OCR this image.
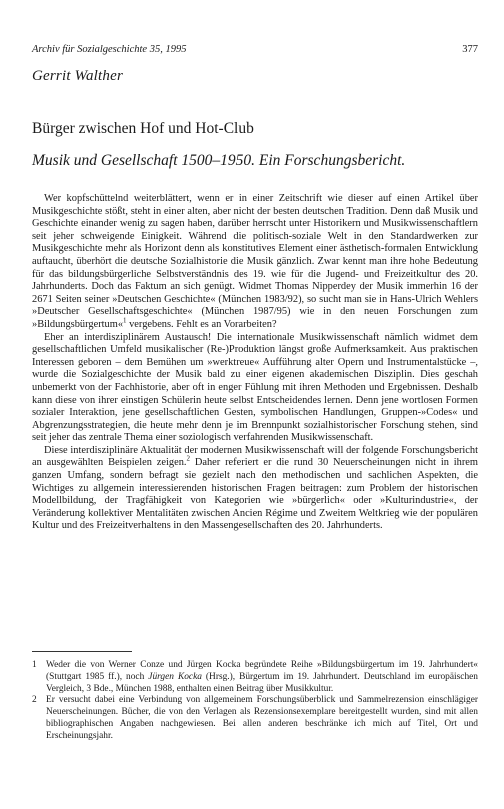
Archiv für Sozialgeschichte 35, 1995	377
Gerrit Walther
Bürger zwischen Hof und Hot-Club
Musik und Gesellschaft 1500–1950. Ein Forschungsbericht.

Wer kopfschüttelnd weiterblättert, wenn er in einer Zeitschrift wie dieser auf einen Artikel über Musikgeschichte stößt, steht in einer alten, aber nicht der besten deutschen Tradition. Denn daß Musik und Geschichte einander wenig zu sagen haben, darüber herrscht unter Historikern und Musikwissenschaftlern seit jeher schweigende Einigkeit. Während die politisch-soziale Welt in den Standardwerken zur Musikgeschichte mehr als Horizont denn als konstitutives Element einer ästhetisch-formalen Entwicklung auftaucht, überhört die deutsche Sozialhistorie die Musik gänzlich. Zwar kennt man ihre hohe Bedeutung für das bildungsbürgerliche Selbstverständnis des 19. wie für die Jugend- und Freizeitkultur des 20. Jahrhunderts. Doch das Faktum an sich genügt. Widmet Thomas Nipperdey der Musik immerhin 16 der 2671 Seiten seiner »Deutschen Geschichte« (München 1983/92), so sucht man sie in Hans-Ulrich Wehlers »Deutscher Gesellschaftsgeschichte« (München 1987/95) wie in den neuen Forschungen zum »Bildungsbürgertum«$^1$ vergebens. Fehlt es an Vorarbeiten?

Eher an interdisziplinärem Austausch! Die internationale Musikwissenschaft nämlich widmet dem gesellschaftlichen Umfeld musikalischer (Re-)Produktion längst große Aufmerksamkeit. Aus praktischen Interessen geboren – dem Bemühen um »werktreue« Aufführung alter Opern und Instrumentalstücke –, wurde die Sozialgeschichte der Musik bald zu einer eigenen akademischen Disziplin. Dies geschah unbemerkt von der Fachhistorie, aber oft in enger Fühlung mit ihren Methoden und Ergebnissen. Deshalb kann diese von ihrer einstigen Schülerin heute selbst Entscheidendes lernen. Denn jene wortlosen Formen sozialer Interaktion, jene gesellschaftlichen Gesten, symbolischen Handlungen, Gruppen-»Codes« und Abgrenzungsstrategien, die heute mehr denn je im Brennpunkt sozialhistorischer Forschung stehen, sind seit jeher das zentrale Thema einer soziologisch verfahrenden Musikwissenschaft.

Diese interdisziplinäre Aktualität der modernen Musikwissenschaft will der folgende Forschungsbericht an ausgewählten Beispielen zeigen.$^2$ Daher referiert er die rund 30 Neuerscheinungen nicht in ihrem ganzen Umfang, sondern befragt sie gezielt nach den methodischen und sachlichen Aspekten, die Wichtiges zu allgemein interessierenden historischen Fragen beitragen: zum Problem der historischen Modellbildung, der Tragfähigkeit von Kategorien wie »bürgerlich« oder »Kulturindustrie«, der Veränderung kollektiver Mentalitäten zwischen Ancien Régime und Zweitem Weltkrieg wie der populären Kultur und des Freizeitverhaltens in den Massengesellschaften des 20. Jahrhunderts.

1 Weder die von Werner Conze und Jürgen Kocka begründete Reihe »Bildungsbürgertum im 19. Jahrhundert« (Stuttgart 1985 ff.), noch Jürgen Kocka (Hrsg.), Bürgertum im 19. Jahrhundert. Deutschland im europäischen Vergleich, 3 Bde., München 1988, enthalten einen Beitrag über Musikkultur.
2 Er versucht dabei eine Verbindung von allgemeinem Forschungsüberblick und Sammelrezension einschlägiger Neuerscheinungen. Bücher, die von den Verlagen als Rezensionsexemplare bereitgestellt wurden, sind mit allen bibliographischen Angaben nachgewiesen. Bei allen anderen beschränke ich mich auf Titel, Ort und Erscheinungsjahr.
